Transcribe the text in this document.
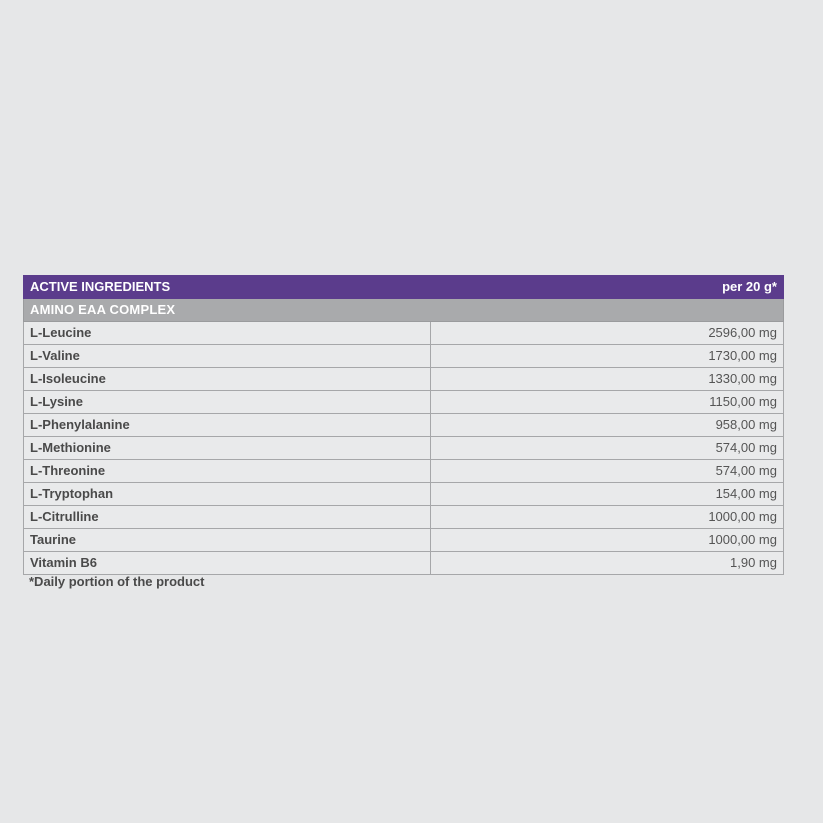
ACTIVE INGREDIENTS	per 20 g*
AMINO EAA COMPLEX	
L-Leucine	2596,00 mg
L-Valine	1730,00 mg
L-Isoleucine	1330,00 mg
L-Lysine	1150,00 mg
L-Phenylalanine	958,00 mg
L-Methionine	574,00 mg
L-Threonine	574,00 mg
L-Tryptophan	154,00 mg
L-Citrulline	1000,00 mg
Taurine	1000,00 mg
Vitamin B6	1,90 mg
*Daily portion of the product
